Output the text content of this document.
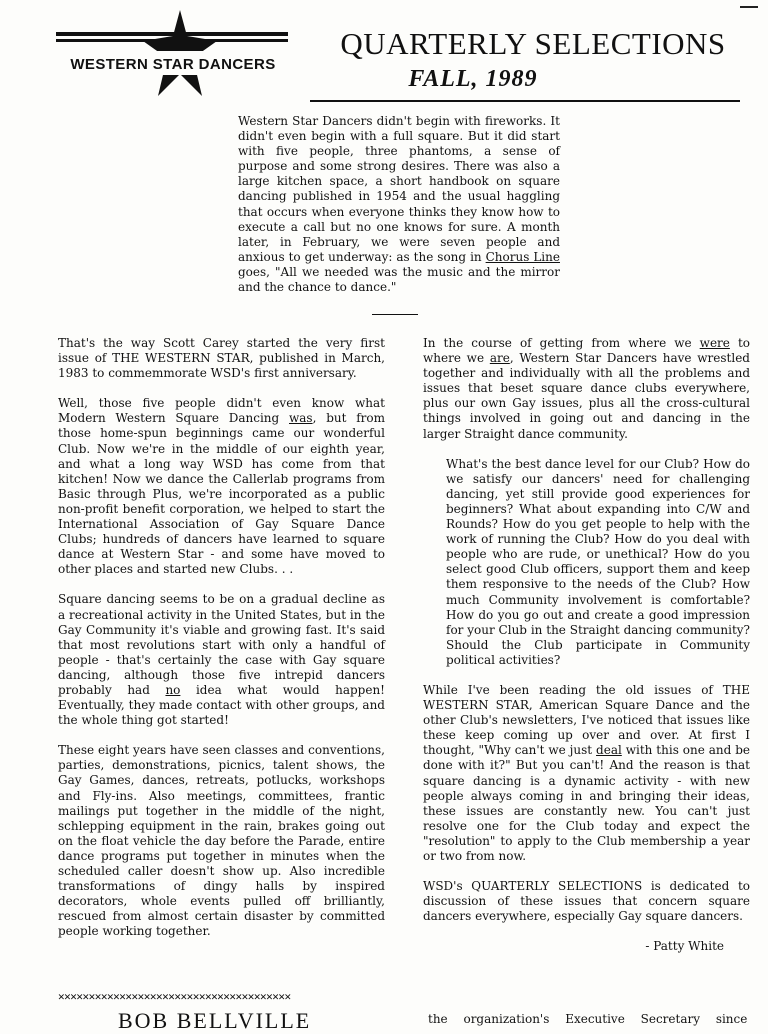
WESTERN STAR DANCERS
QUARTERLY SELECTIONS
FALL, 1989

Western Star Dancers didn't begin with fireworks. It didn't even begin with a full square. But it did start with five people, three phantoms, a sense of purpose and some strong desires. There was also a large kitchen space, a short handbook on square dancing published in 1954 and the usual haggling that occurs when everyone thinks they know how to execute a call but no one knows for sure. A month later, in February, we were seven people and anxious to get underway: as the song in Chorus Line goes, "All we needed was the music and the mirror and the chance to dance."

That's the way Scott Carey started the very first issue of THE WESTERN STAR, published in March, 1983 to commemmorate WSD's first anniversary.

Well, those five people didn't even know what Modern Western Square Dancing was, but from those home-spun beginnings came our wonderful Club. Now we're in the middle of our eighth year, and what a long way WSD has come from that kitchen! Now we dance the Callerlab programs from Basic through Plus, we're incorporated as a public non-profit benefit corporation, we helped to start the International Association of Gay Square Dance Clubs; hundreds of dancers have learned to square dance at Western Star - and some have moved to other places and started new Clubs. . .

Square dancing seems to be on a gradual decline as a recreational activity in the United States, but in the Gay Community it's viable and growing fast. It's said that most revolutions start with only a handful of people - that's certainly the case with Gay square dancing, although those five intrepid dancers probably had no idea what would happen! Eventually, they made contact with other groups, and the whole thing got started!

These eight years have seen classes and conventions, parties, demonstrations, picnics, talent shows, the Gay Games, dances, retreats, potlucks, workshops and Fly-ins. Also meetings, committees, frantic mailings put together in the middle of the night, schlepping equipment in the rain, brakes going out on the float vehicle the day before the Parade, entire dance programs put together in minutes when the scheduled caller doesn't show up. Also incredible transformations of dingy halls by inspired decorators, whole events pulled off brilliantly, rescued from almost certain disaster by committed people working together.

In the course of getting from where we were to where we are, Western Star Dancers have wrestled together and individually with all the problems and issues that beset square dance clubs everywhere, plus our own Gay issues, plus all the cross-cultural things involved in going out and dancing in the larger Straight dance community.

What's the best dance level for our Club? How do we satisfy our dancers' need for challenging dancing, yet still provide good experiences for beginners? What about expanding into C/W and Rounds? How do you get people to help with the work of running the Club? How do you deal with people who are rude, or unethical? How do you select good Club officers, support them and keep them responsive to the needs of the Club? How much Community involvement is comfortable? How do you go out and create a good impression for your Club in the Straight dancing community? Should the Club participate in Community political activities?

While I've been reading the old issues of THE WESTERN STAR, American Square Dance and the other Club's newsletters, I've noticed that issues like these keep coming up over and over. At first I thought, "Why can't we just deal with this one and be done with it?" But you can't! And the reason is that square dancing is a dynamic activity - with new people always coming in and bringing their ideas, these issues are constantly new. You can't just resolve one for the Club today and expect the "resolution" to apply to the Club membership a year or two from now.

WSD's QUARTERLY SELECTIONS is dedicated to discussion of these issues that concern square dancers everywhere, especially Gay square dancers.

- Patty White

✕✕✕✕✕✕✕✕✕✕✕✕✕✕✕✕✕✕✕✕✕✕✕✕✕✕✕✕✕✕✕✕✕✕✕✕✕✕
BOB BELLVILLE	the organization's Executive Secretary since
